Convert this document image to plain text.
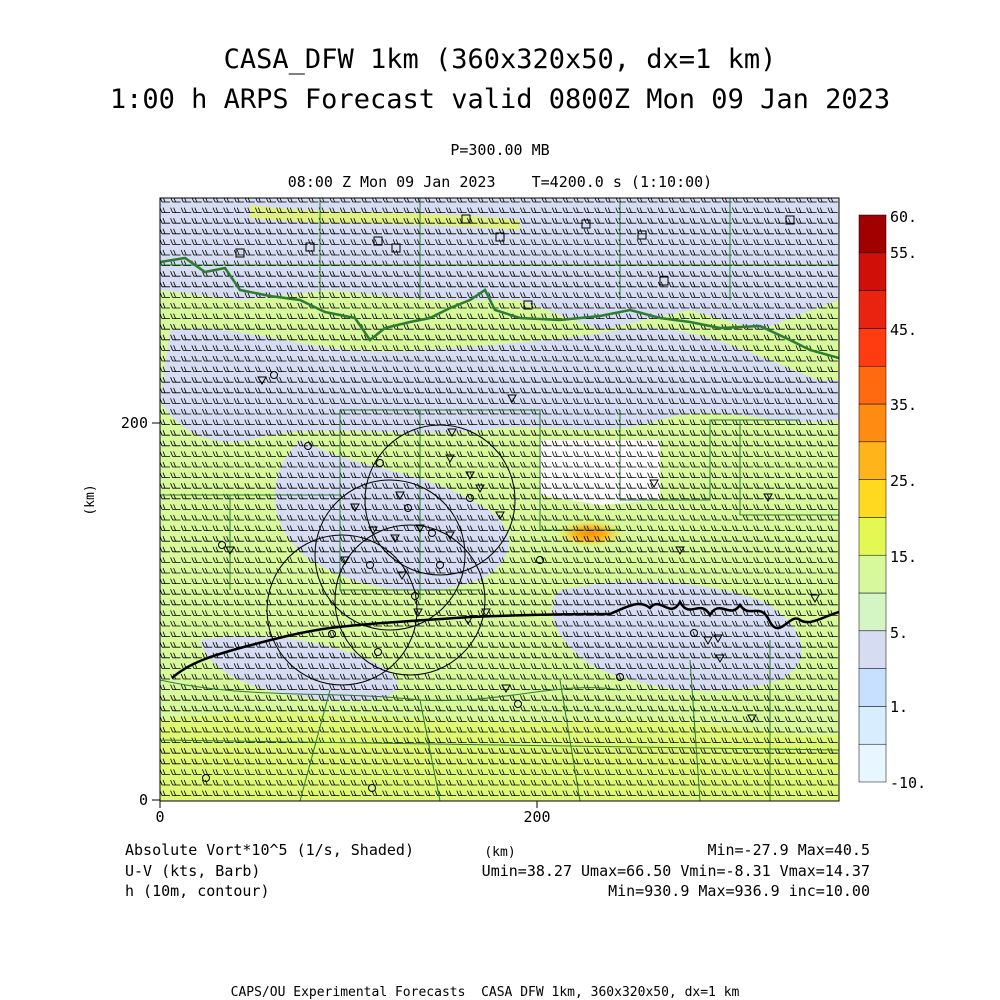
CASA_DFW 1km (360x320x50, dx=1 km)
1:00 h ARPS Forecast valid 0800Z Mon 09 Jan 2023
P=300.00 MB
08:00 Z Mon 09 Jan 2023    T=4200.0 s (1:10:00)
200
0
0	200
(km)
(km)
60.
55.
45.
35.
25.
15.
5.
1.
-10.
Absolute Vort*10^5 (1/s, Shaded)
U-V (kts, Barb)
h (10m, contour)
Min=-27.9 Max=40.5
Umin=38.27 Umax=66.50 Vmin=-8.31 Vmax=14.37
Min=930.9 Max=936.9 inc=10.00
CAPS/OU Experimental Forecasts  CASA DFW 1km, 360x320x50, dx=1 km
